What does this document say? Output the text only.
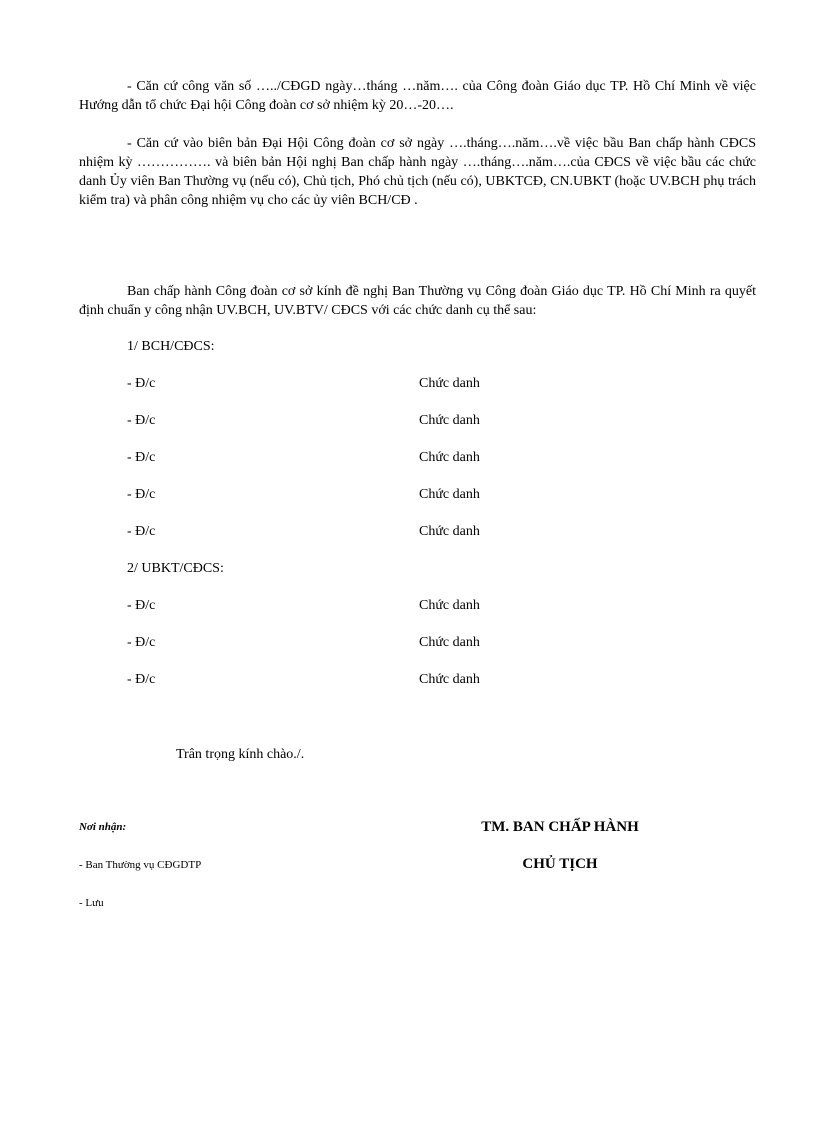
- Căn cứ công văn số …../CĐGD ngày…tháng …năm…. của Công đoàn Giáo dục TP. Hồ Chí Minh về việc Hướng dẫn tổ chức Đại hội Công đoàn cơ sở nhiệm kỳ 20…-20….

- Căn cứ vào biên bản Đại Hội Công đoàn cơ sở ngày ….tháng….năm….về việc bầu Ban chấp hành CĐCS nhiệm kỳ ……………. và biên bản Hội nghị Ban chấp hành ngày ….tháng….năm….của CĐCS về việc bầu các chức danh Ủy viên Ban Thường vụ (nếu có), Chủ tịch, Phó chủ tịch (nếu có), UBKTCĐ, CN.UBKT (hoặc UV.BCH phụ trách kiểm tra) và phân công nhiệm vụ cho các ủy viên BCH/CĐ .

Ban chấp hành Công đoàn cơ sở kính đề nghị Ban Thường vụ Công đoàn Giáo dục TP. Hồ Chí Minh ra quyết định chuẩn y công nhận UV.BCH, UV.BTV/ CĐCS với các chức danh cụ thể sau:

1/ BCH/CĐCS:

- Đ/c	Chức danh

- Đ/c	Chức danh

- Đ/c	Chức danh

- Đ/c	Chức danh

- Đ/c	Chức danh

2/ UBKT/CĐCS:

- Đ/c	Chức danh

- Đ/c	Chức danh

- Đ/c	Chức danh

Trân trọng kính chào./.

Nơi nhận:

- Ban Thường vụ CĐGDTP

- Lưu

TM. BAN CHẤP HÀNH

CHỦ TỊCH
